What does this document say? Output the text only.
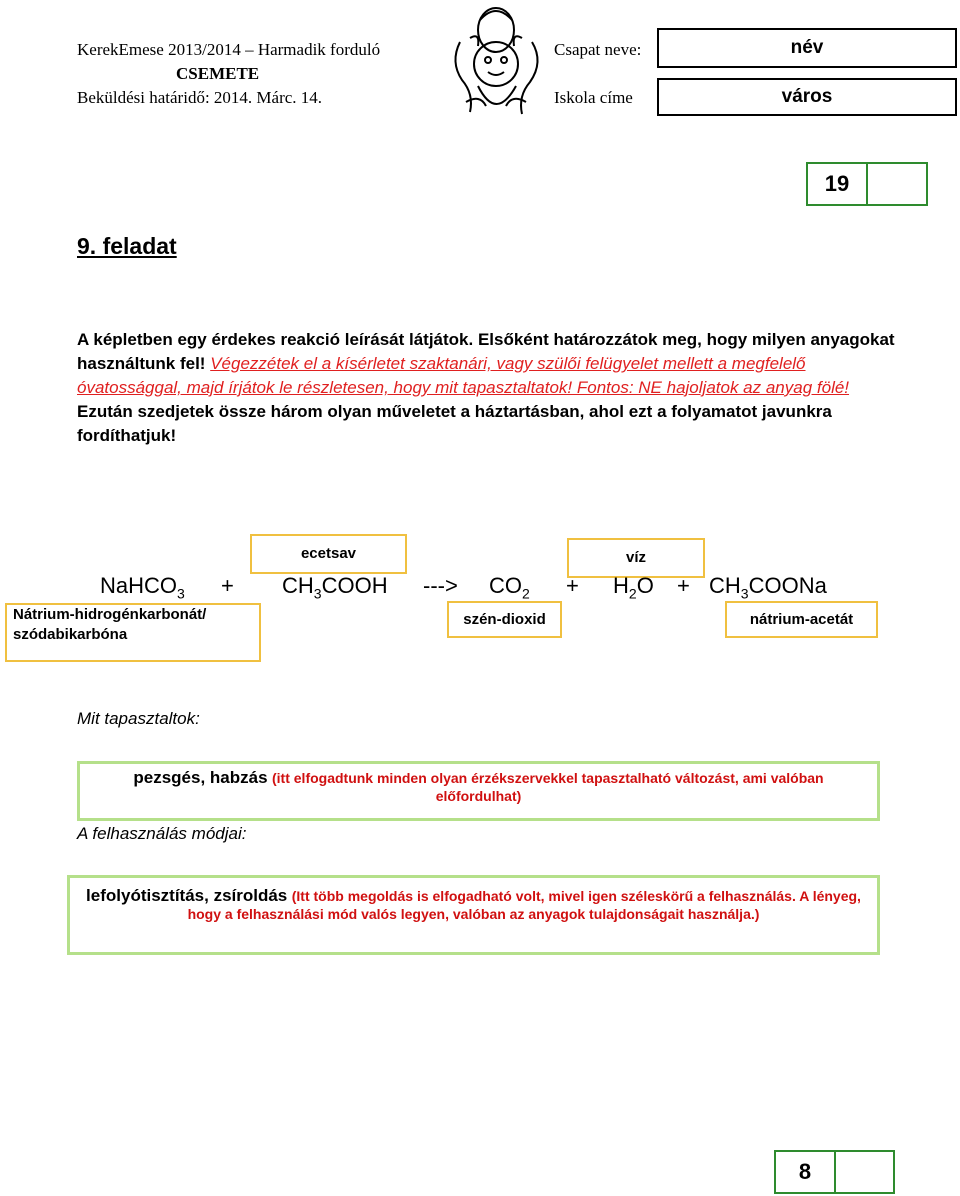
KerekEmese 2013/2014 – Harmadik forduló
CSEMETE
Beküldési határidő: 2014. Márc. 14.
Csapat neve:
Iskola címe
név
város
19
9. feladat
A képletben egy érdekes reakció leírását látjátok. Elsőként határozzátok meg, hogy milyen anyagokat használtunk fel! Végezzétek el a kísérletet szaktanári, vagy szülői felügyelet mellett a megfelelő óvatossággal, majd írjátok le részletesen, hogy mit tapasztaltatok! Fontos: NE hajoljatok az anyag fölé!
Ezután szedjetek össze három olyan műveletet a háztartásban, ahol ezt a folyamatot javunkra fordíthatjuk!
ecetsav	víz
NaHCO$_3$ + $CH_3COOH$ ---> $CO_2 + H_2O$ + $CH_3COONa$
Nátrium-hidrogénkarbonát/
szódabikarbóna
szén-dioxid	nátrium-acetát
Mit tapasztaltok:
pezsgés, habzás (itt elfogadtunk minden olyan érzékszervekkel tapasztalható változást, ami valóban előfordulhat)
A felhasználás módjai:
lefolyótisztítás, zsíroldás (Itt több megoldás is elfogadható volt, mivel igen széleskörű a felhasználás. A lényeg, hogy a felhasználási mód valós legyen, valóban az anyagok tulajdonságait használja.)
8
